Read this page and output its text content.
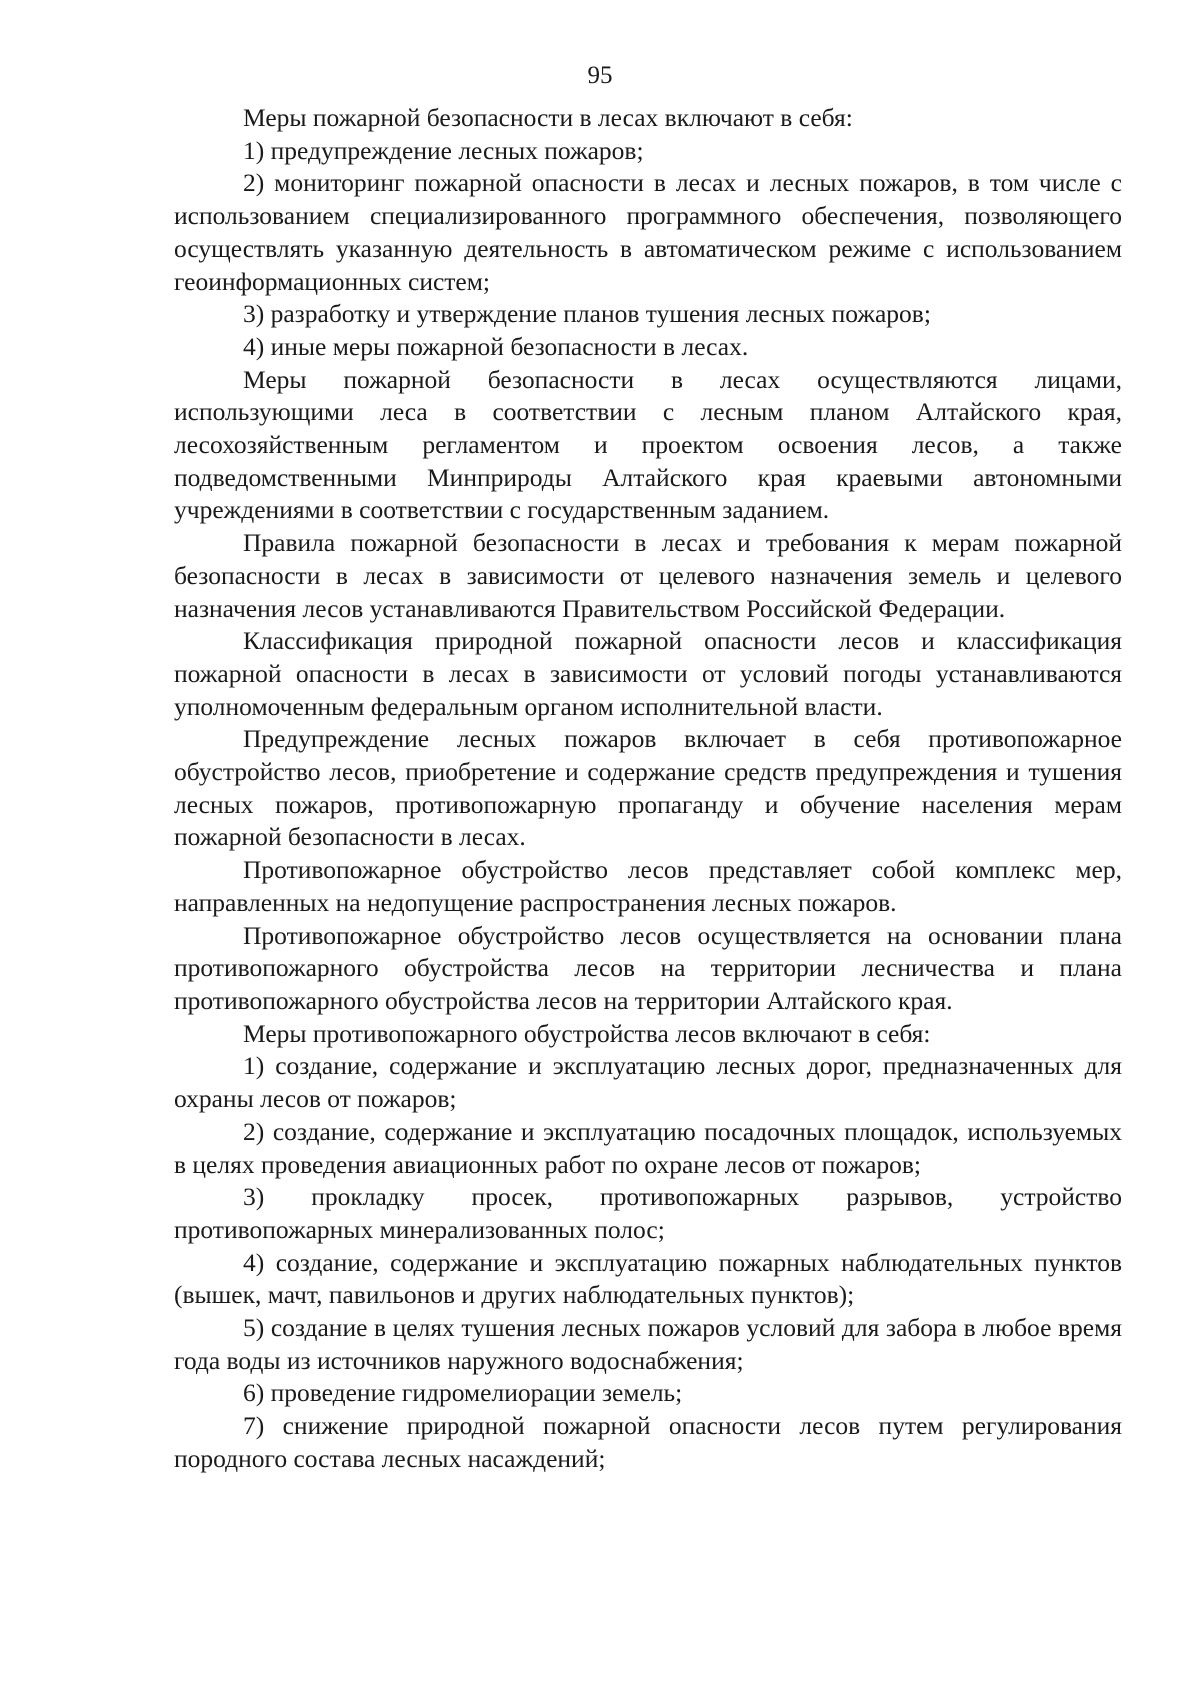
95

Меры пожарной безопасности в лесах включают в себя:

1) предупреждение лесных пожаров;

2) мониторинг пожарной опасности в лесах и лесных пожаров, в том числе с использованием специализированного программного обеспечения, позволяющего осуществлять указанную деятельность в автоматическом режиме с использованием геоинформационных систем;

3) разработку и утверждение планов тушения лесных пожаров;

4) иные меры пожарной безопасности в лесах.

Меры пожарной безопасности в лесах осуществляются лицами, использующими леса в соответствии с лесным планом Алтайского края, лесохозяйственным регламентом и проектом освоения лесов, а также подведомственными Минприроды Алтайского края краевыми автономными учреждениями в соответствии с государственным заданием.

Правила пожарной безопасности в лесах и требования к мерам пожарной безопасности в лесах в зависимости от целевого назначения земель и целевого назначения лесов устанавливаются Правительством Российской Федерации.

Классификация природной пожарной опасности лесов и классификация пожарной опасности в лесах в зависимости от условий погоды устанавливаются уполномоченным федеральным органом исполнительной власти.

Предупреждение лесных пожаров включает в себя противопожарное обустройство лесов, приобретение и содержание средств предупреждения и тушения лесных пожаров, противопожарную пропаганду и обучение населения мерам пожарной безопасности в лесах.

Противопожарное обустройство лесов представляет собой комплекс мер, направленных на недопущение распространения лесных пожаров.

Противопожарное обустройство лесов осуществляется на основании плана противопожарного обустройства лесов на территории лесничества и плана противопожарного обустройства лесов на территории Алтайского края.

Меры противопожарного обустройства лесов включают в себя:

1) создание, содержание и эксплуатацию лесных дорог, предназначенных для охраны лесов от пожаров;

2) создание, содержание и эксплуатацию посадочных площадок, используемых в целях проведения авиационных работ по охране лесов от пожаров;

3) прокладку просек, противопожарных разрывов, устройство противопожарных минерализованных полос;

4) создание, содержание и эксплуатацию пожарных наблюдательных пунктов (вышек, мачт, павильонов и других наблюдательных пунктов);

5) создание в целях тушения лесных пожаров условий для забора в любое время года воды из источников наружного водоснабжения;

6) проведение гидромелиорации земель;

7) снижение природной пожарной опасности лесов путем регулирования породного состава лесных насаждений;
